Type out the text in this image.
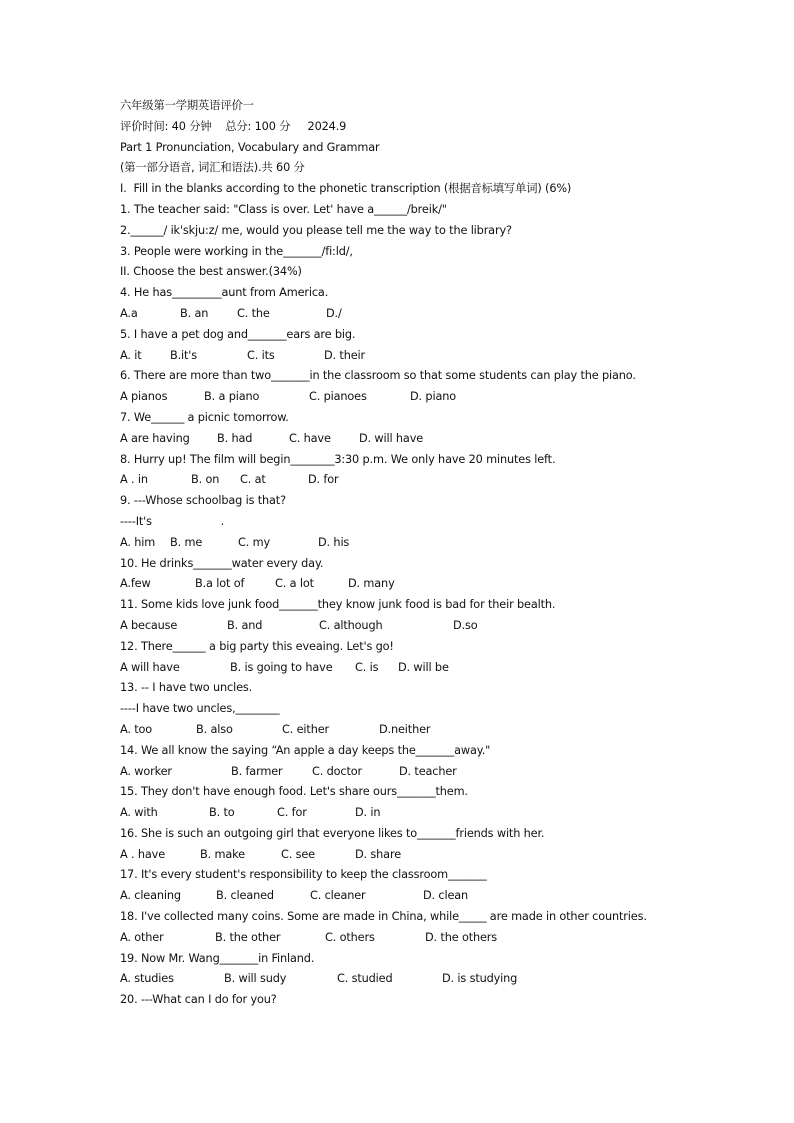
六年级第一学期英语评价一
评价时间: 40 分钟    总分: 100 分     2024.9
Part 1 Pronunciation, Vocabulary and Grammar
(第一部分语音, 词汇和语法).共 60 分
Ⅰ.  Fill in the blanks according to the phonetic transcription (根据音标填写单词) (6%)
1. The teacher said: "Class is over. Let' have a______/breik/"
2.______/ ik'skju:z/ me, would you please tell me the way to the library?
3. People were working in the_______/fi:ld/,
II. Choose the best answer.(34%)
4. He has_________aunt from America.

A.a

	B. an

	C. the

	D./

5. I have a pet dog and_______ears are big.

A. it

	B.it's

	C. its

	D. their

6. There are more than two_______in the classroom so that some students can play the piano.

A pianos

	B. a piano

	C. pianoes

	D. piano

7. We______ a picnic tomorrow.

A are having

B. had

	C. have

	D. will have

8. Hurry up! The film will begin________3:30 p.m. We only have 20 minutes left.

A . in

	B. on

C. at

	D. for

9. ---Whose schoolbag is that?
----It's                    .

A. him

B. me

	C. my

	D. his

10. He drinks_______water every day.

A.few

	B.a lot of

	C. a lot

	D. many

11. Some kids love junk food_______they know junk food is bad for their bealth.

A because

	B. and

	C. although

	D.so

12. There______ a big party this eveaing. Let's go!

A will have

	B. is going to have

C. is

D. will be

13. -- I have two uncles.
----I have two uncles,________

A. too

	B. also

	C. either

	D.neither

14. We all know the saying “An apple a day keeps the_______away."

A. worker

	B. farmer

	C. doctor

	D. teacher

15. They don't have enough food. Let's share ours_______them.

A. with

	B. to

	C. for

	D. in

16. She is such an outgoing girl that everyone likes to_______friends with her.

A . have

	B. make

	C. see

	D. share

17. It's every student's responsibility to keep the classroom_______

A. cleaning

	B. cleaned

	C. cleaner

	D. clean

18. I've collected many coins. Some are made in China, while_____ are made in other countries.

A. other

	B. the other

	C. others

	D. the others

19. Now Mr. Wang_______in Finland.

A. studies

	B. will sudy

	C. studied

	D. is studying

20. ---What can I do for you?
